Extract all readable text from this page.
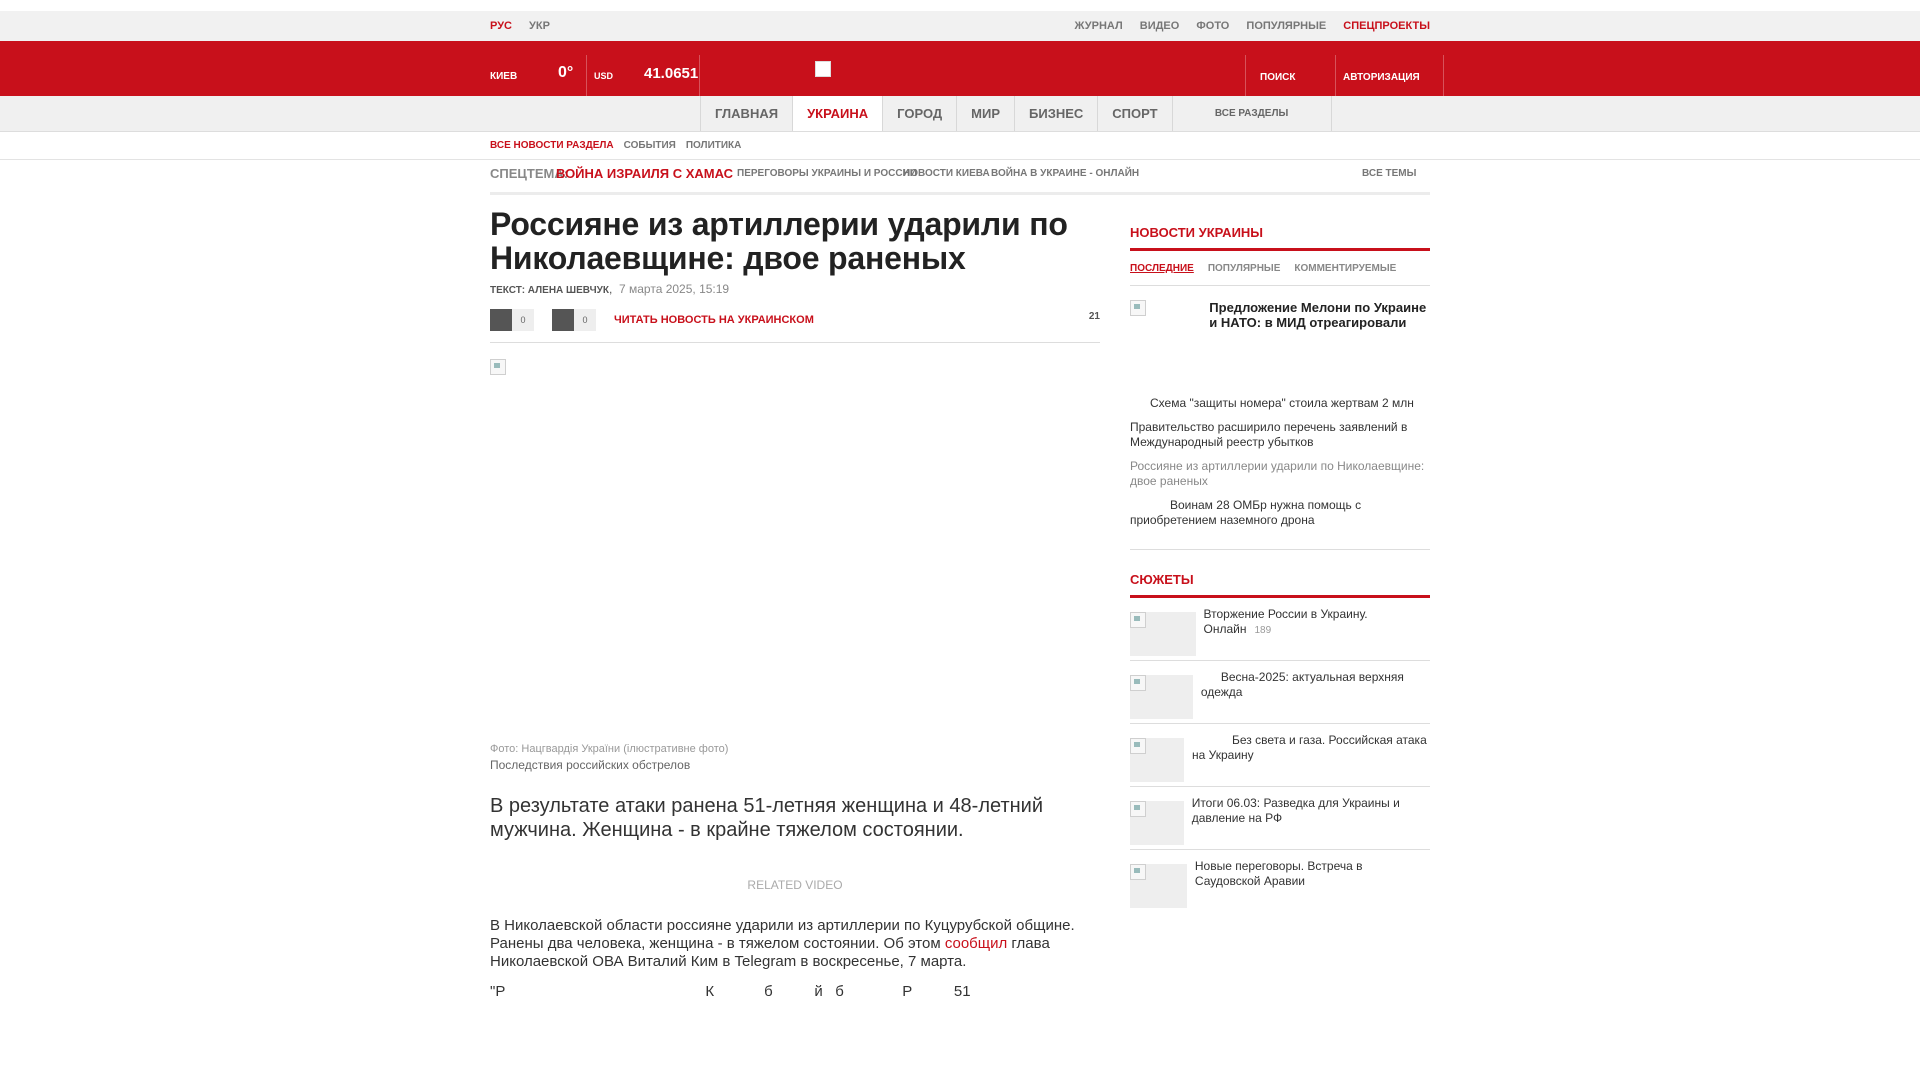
РУС УКР	ЖУРНАЛ ВИДЕО ФОТО ПОПУЛЯРНЫЕ СПЕЦПРОЕКТЫ
КИЕВ	0° USD 41.0651	ПОИСК	АВТОРИЗАЦИЯ
ГЛАВНАЯ	УКРАИНА	ГОРОД	МИР	БИЗНЕС	СПОРТ	ВСЕ РАЗДЕЛЫ
ВСЕ НОВОСТИ РАЗДЕЛА СОБЫТИЯ ПОЛИТИКА
СПЕЦТЕМА:
ВОЙНА ИЗРАИЛЯ С ХАМАС ПЕРЕГОВОРЫ УКРАИНЫ И РОССИИ
НОВОСТИ КИЕВА ВОЙНА В УКРАИНЕ - ОНЛАЙН	ВСЕ ТЕМЫ
Россияне из артиллерии ударили по Николаевщине: двое раненых
ТЕКСТ: АЛЕНА ШЕВЧУК, 7 марта 2025, 15:19
0	0	ЧИТАТЬ НОВОСТЬ НА УКРАИНСКОМ	21
Фото: Нацгвардія України (ілюстративне фото)
Последствия российских обстрелов
В результате атаки ранена 51-летняя женщина и 48-летний мужчина. Женщина - в крайне тяжелом состоянии.
RELATED VIDEO
В Николаевской области россияне ударили из артиллерии по Куцурубской общине. Ранены два человека, женщина - в тяжелом состоянии. Об этом сообщил глава Николаевской ОВА Виталий Ким в Telegram в воскресенье, 7 марта.
"Р                                                К            б          й   б              Р          51
НОВОСТИ УКРАИНЫ
ПОСЛЕДНИЕ ПОПУЛЯРНЫЕ КОММЕНТИРУЕМЫЕ
Предложение Мелони по Украине и НАТО: в МИД отреагировали
Схема "защиты номера" стоила жертвам 2 млн
Правительство расширило перечень заявлений в Международный реестр убытков
Россияне из артиллерии ударили по Николаевщине: двое раненых
Воинам 28 ОМБр нужна помощь с приобретением наземного дрона
СЮЖЕТЫ
Вторжение России в Украину. Онлайн 189
Весна-2025: актуальная верхняя одежда
Без света и газа. Российская атака на Украину
Итоги 06.03: Разведка для Украины и давление на РФ
Новые переговоры. Встреча в Саудовской Аравии
